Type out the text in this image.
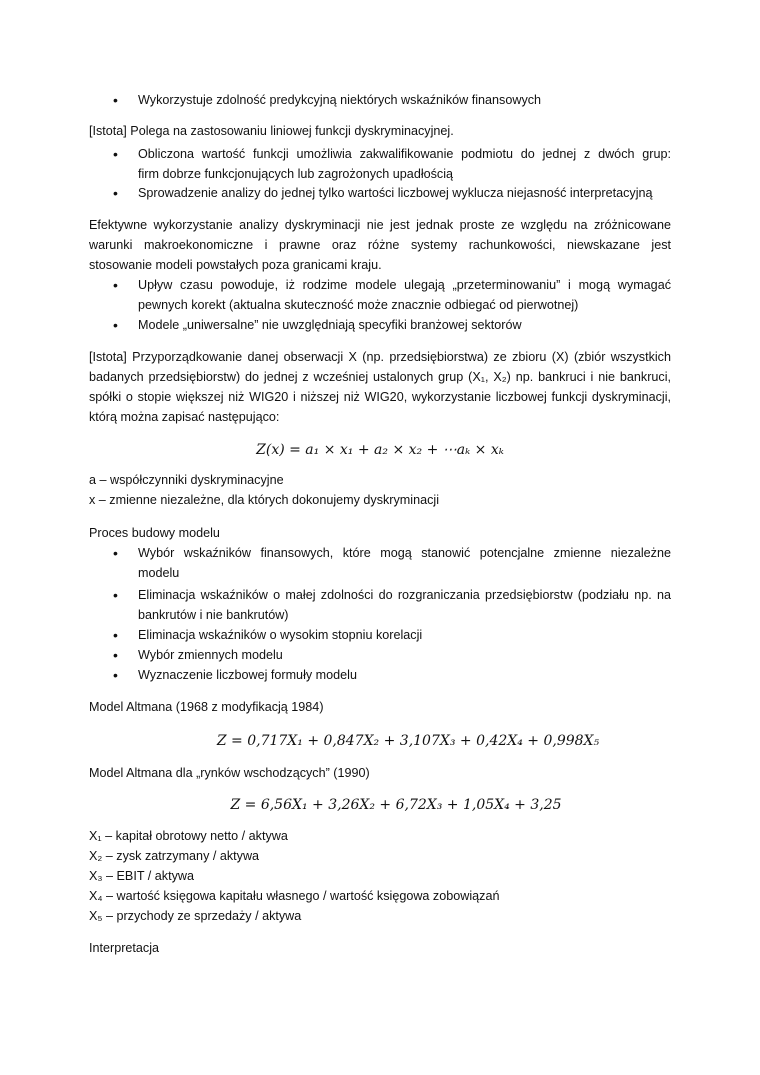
• Wykorzystuje zdolność predykcyjną niektórych wskaźników finansowych
[Istota] Polega na zastosowaniu liniowej funkcji dyskryminacyjnej.
• Obliczona wartość funkcji umożliwia zakwalifikowanie podmiotu do jednej z dwóch grup:
firm dobrze funkcjonujących lub zagrożonych upadłością
• Sprowadzenie analizy do jednej tylko wartości liczbowej wyklucza niejasność interpretacyjną
Efektywne wykorzystanie analizy dyskryminacji nie jest jednak proste ze względu na zróżnicowane
warunki makroekonomiczne i prawne oraz różne systemy rachunkowości, niewskazane jest
stosowanie modeli powstałych poza granicami kraju.
• Upływ czasu powoduje, iż rodzime modele ulegają „przeterminowaniu” i mogą wymagać
pewnych korekt (aktualna skuteczność może znacznie odbiegać od pierwotnej)
• Modele „uniwersalne” nie uwzględniają specyfiki branżowej sektorów
[Istota] Przyporządkowanie danej obserwacji X (np. przedsiębiorstwa) ze zbioru (X) (zbiór wszystkich
badanych przedsiębiorstw) do jednej z wcześniej ustalonych grup (X₁, X₂) np. bankruci i nie bankruci,
spółki o stopie większej niż WIG20 i niższej niż WIG20, wykorzystanie liczbowej funkcji dyskryminacji,
którą można zapisać następująco:
Z(x) = a₁ × x₁ + a₂ × x₂ + ⋯aₖ × xₖ
a – współczynniki dyskryminacyjne
x – zmienne niezależne, dla których dokonujemy dyskryminacji
Proces budowy modelu
• Wybór wskaźników finansowych, które mogą stanowić potencjalne zmienne niezależne
modelu
• Eliminacja wskaźników o małej zdolności do rozgraniczania przedsiębiorstw (podziału np. na
bankrutów i nie bankrutów)
• Eliminacja wskaźników o wysokim stopniu korelacji
• Wybór zmiennych modelu
• Wyznaczenie liczbowej formuły modelu
Model Altmana (1968 z modyfikacją 1984)
Z = 0,717X₁ + 0,847X₂ + 3,107X₃ + 0,42X₄ + 0,998X₅
Model Altmana dla „rynków wschodzących” (1990)
Z = 6,56X₁ + 3,26X₂ + 6,72X₃ + 1,05X₄ + 3,25
X₁ – kapitał obrotowy netto / aktywa
X₂ – zysk zatrzymany / aktywa
X₃ – EBIT / aktywa
X₄ – wartość księgowa kapitału własnego / wartość księgowa zobowiązań
X₅ – przychody ze sprzedaży / aktywa
Interpretacja
